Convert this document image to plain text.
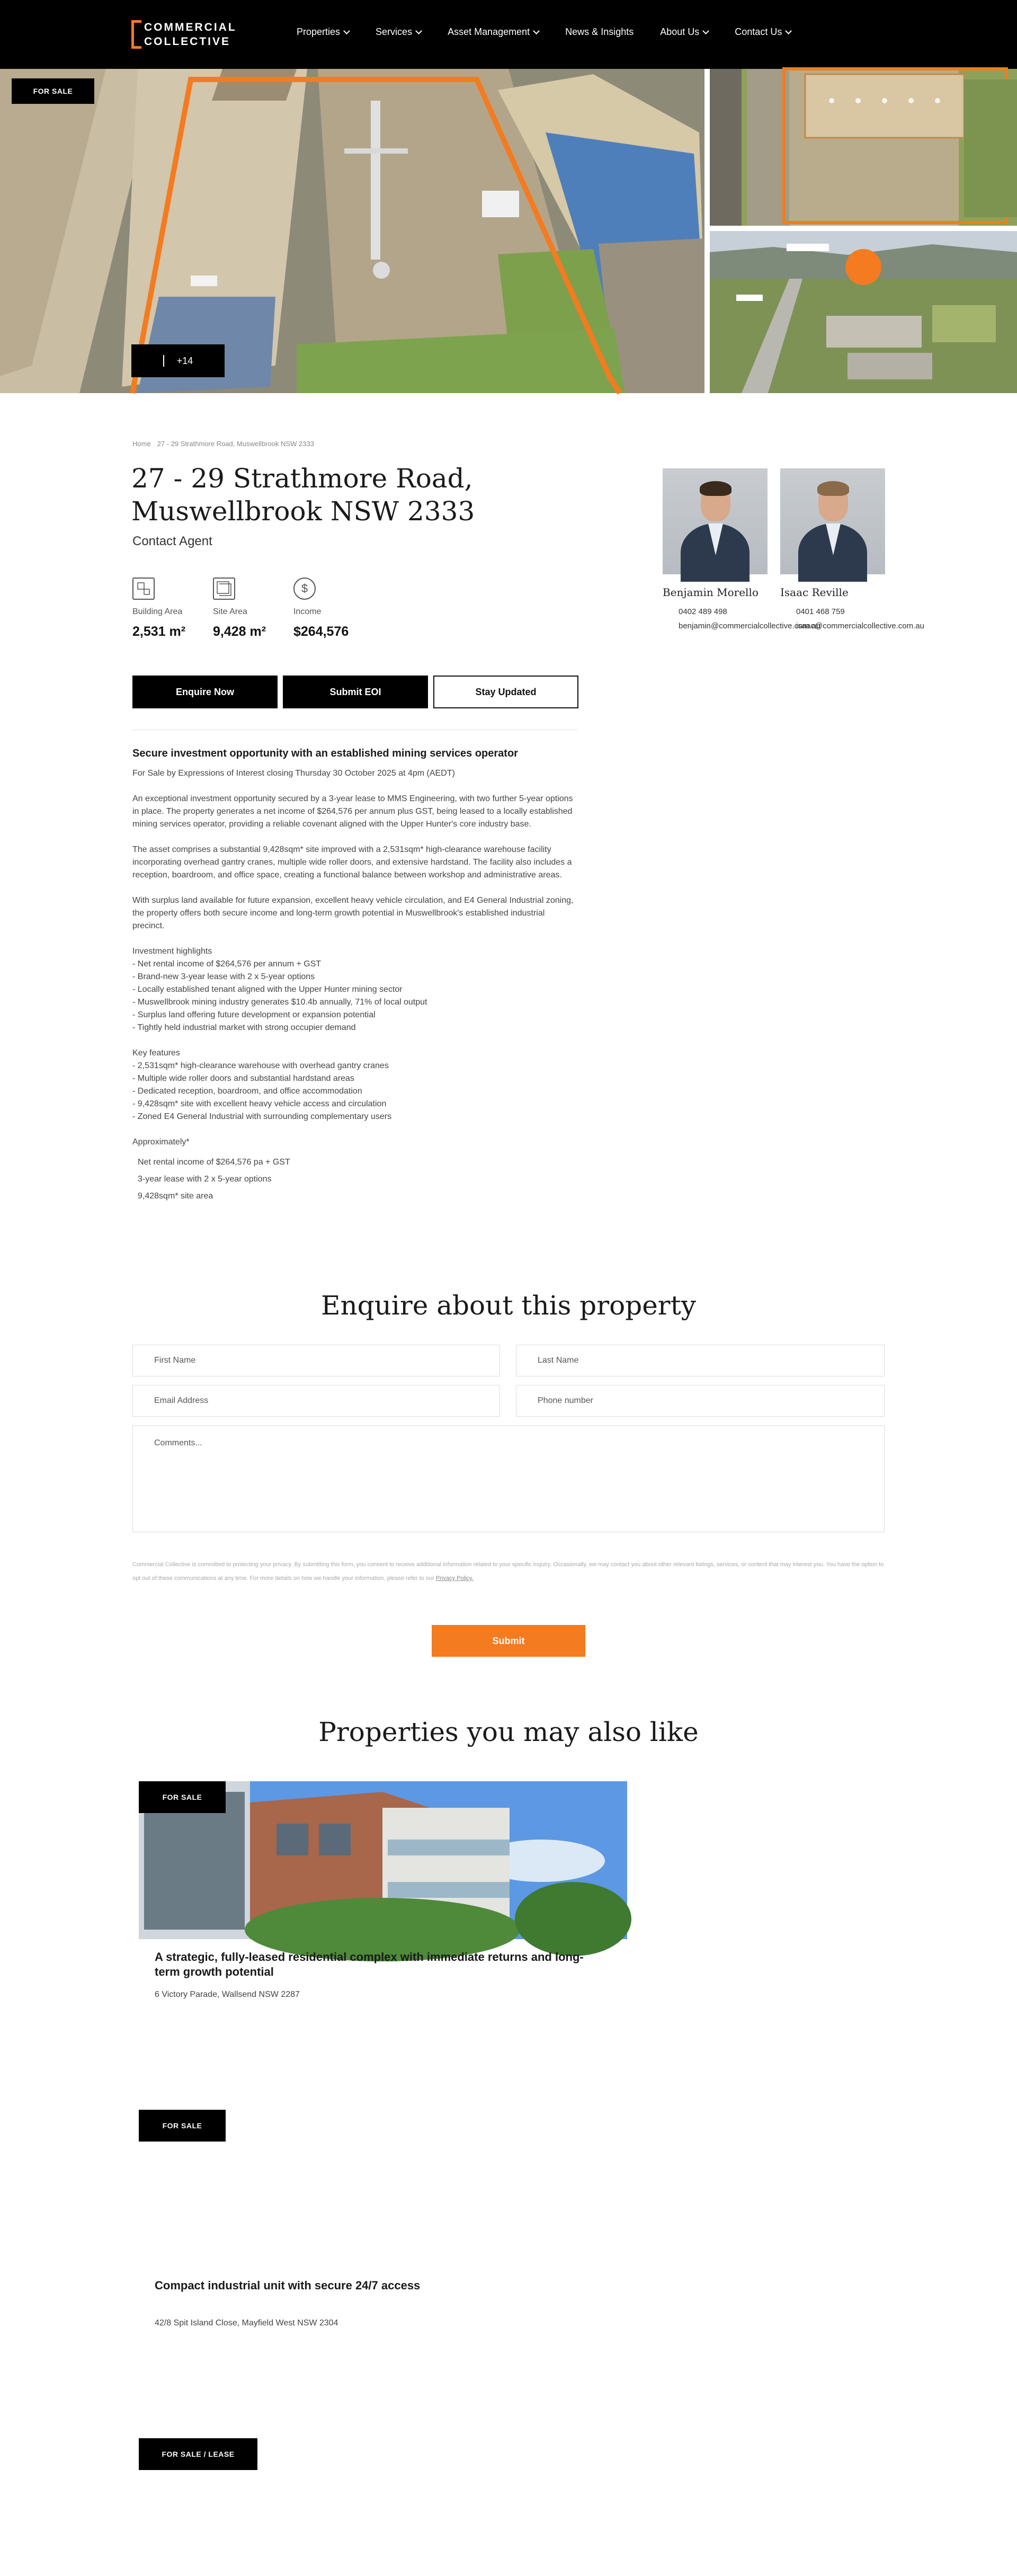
COMMERCIAL
COLLECTIVE
Properties	Services	Asset Management	News & Insights	About Us	Contact Us
FOR SALE
+14
Home 27 - 29 Strathmore Road, Muswellbrook NSW 2333
27 - 29 Strathmore Road, Muswellbrook NSW 2333
Contact Agent
Building Area
2,531 m²
Site Area
9,428 m²
$
Income
$264,576
Enquire Now	Submit EOI	Stay Updated
Benjamin Morello
0402 489 498
benjamin@commercialcollective.com.au
Isaac Reville
0401 468 759
isaac@commercialcollective.com.au
Secure investment opportunity with an established mining services operator

For Sale by Expressions of Interest closing Thursday 30 October 2025 at 4pm (AEDT)

An exceptional investment opportunity secured by a 3-year lease to MMS Engineering, with two further 5-year options in place. The property generates a net income of $264,576 per annum plus GST, being leased to a locally established mining services operator, providing a reliable covenant aligned with the Upper Hunter's core industry base.

The asset comprises a substantial 9,428sqm* site improved with a 2,531sqm* high-clearance warehouse facility incorporating overhead gantry cranes, multiple wide roller doors, and extensive hardstand. The facility also includes a reception, boardroom, and office space, creating a functional balance between workshop and administrative areas.

With surplus land available for future expansion, excellent heavy vehicle circulation, and E4 General Industrial zoning, the property offers both secure income and long-term growth potential in Muswellbrook's established industrial precinct.

Investment highlights
- Net rental income of $264,576 per annum + GST
- Brand-new 3-year lease with 2 x 5-year options
- Locally established tenant aligned with the Upper Hunter mining sector
- Muswellbrook mining industry generates $10.4b annually, 71% of local output
- Surplus land offering future development or expansion potential
- Tightly held industrial market with strong occupier demand
Key features
- 2,531sqm* high-clearance warehouse with overhead gantry cranes
- Multiple wide roller doors and substantial hardstand areas
- Dedicated reception, boardroom, and office accommodation
- 9,428sqm* site with excellent heavy vehicle access and circulation
- Zoned E4 General Industrial with surrounding complementary users
Approximately*
Net rental income of $264,576 pa + GST
3-year lease with 2 x 5-year options
9,428sqm* site area
Enquire about this property
First Name	Last Name
Email Address	Phone number
Comments...
Commercial Collective is committed to protecting your privacy. By submitting this form, you consent to receive additional information related to your specific inquiry. Occasionally, we may contact you about other relevant listings, services, or content that may interest you. You have the option to opt out of these communications at any time. For more details on how we handle your information, please refer to our Privacy Policy.
Submit
Properties you may also like
FOR SALE
A strategic, fully-leased residential complex with immediate returns and long-term growth potential
6 Victory Parade, Wallsend NSW 2287
FOR SALE
Compact industrial unit with secure 24/7 access
42/8 Spit Island Close, Mayfield West NSW 2304
FOR SALE / LEASE
